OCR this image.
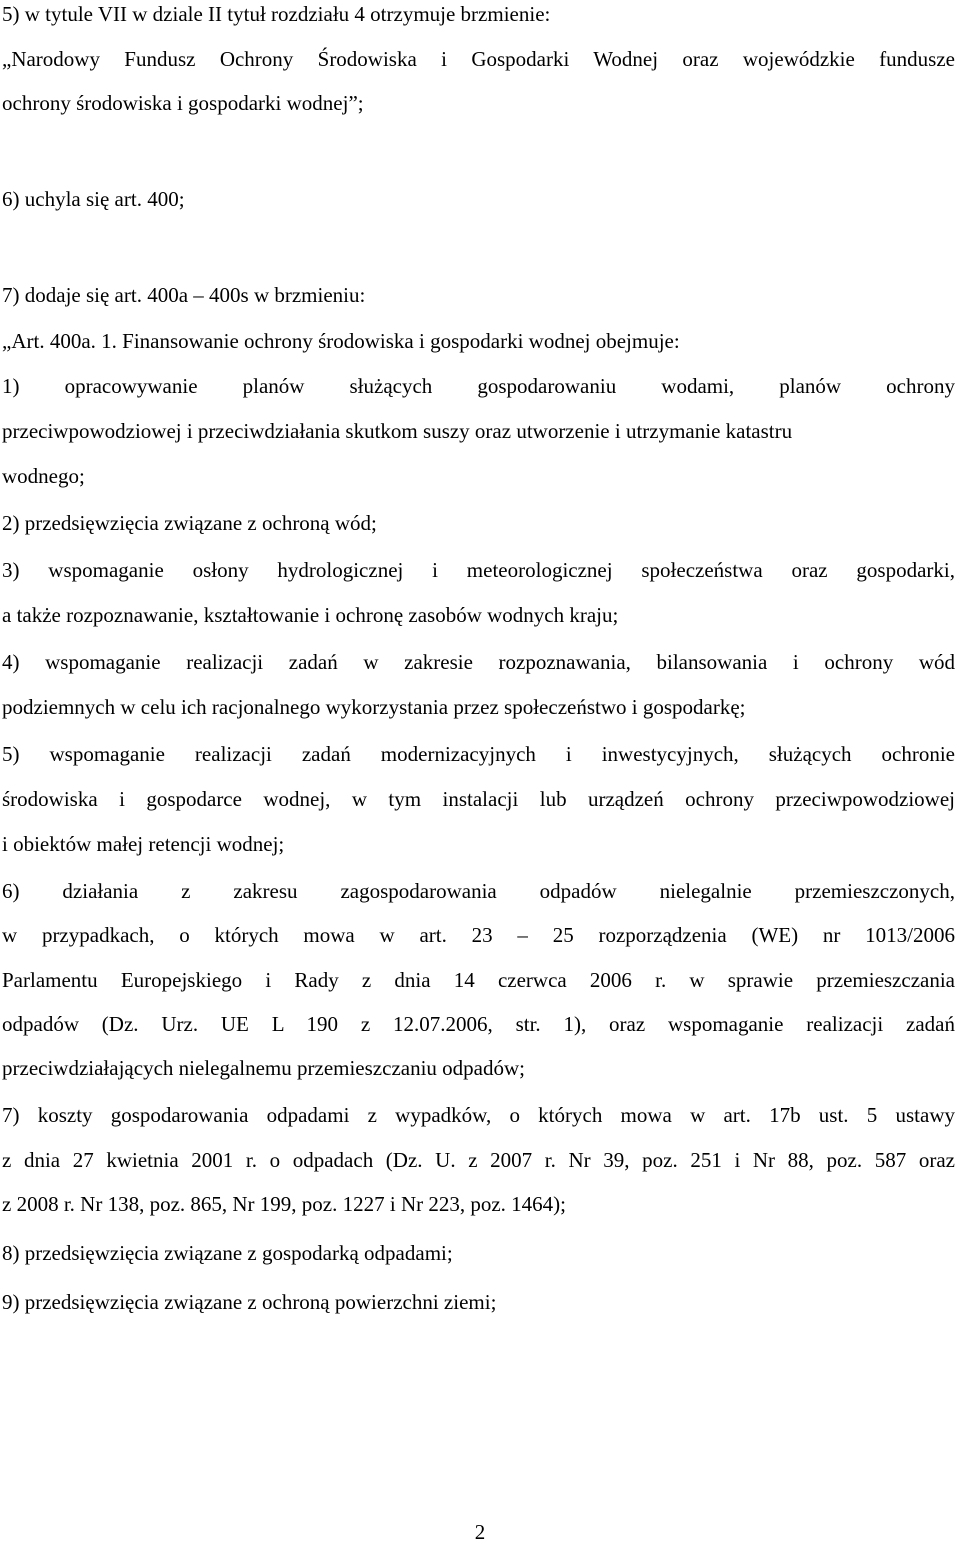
5) w tytule VII w dziale II tytuł rozdziału 4 otrzymuje brzmienie:
„Narodowy Fundusz Ochrony Środowiska i Gospodarki Wodnej oraz wojewódzkie fundusze
ochrony środowiska i gospodarki wodnej”;
6) uchyla się art. 400;
7) dodaje się art. 400a – 400s w brzmieniu:
„Art. 400a. 1. Finansowanie ochrony środowiska i gospodarki wodnej obejmuje:
1) opracowywanie planów służących gospodarowaniu wodami, planów ochrony
przeciwpowodziowej i przeciwdziałania skutkom suszy oraz utworzenie i utrzymanie katastru
wodnego;
2) przedsięwzięcia związane z ochroną wód;
3) wspomaganie osłony hydrologicznej i meteorologicznej społeczeństwa oraz gospodarki,
a także rozpoznawanie, kształtowanie i ochronę zasobów wodnych kraju;
4) wspomaganie realizacji zadań w zakresie rozpoznawania, bilansowania i ochrony wód
podziemnych w celu ich racjonalnego wykorzystania przez społeczeństwo i gospodarkę;
5) wspomaganie realizacji zadań modernizacyjnych i inwestycyjnych, służących ochronie
środowiska i gospodarce wodnej, w tym instalacji lub urządzeń ochrony przeciwpowodziowej
i obiektów małej retencji wodnej;
6) działania z zakresu zagospodarowania odpadów nielegalnie przemieszczonych,
w przypadkach, o których mowa w art. 23 – 25 rozporządzenia (WE) nr 1013/2006
Parlamentu Europejskiego i Rady z dnia 14 czerwca 2006 r. w sprawie przemieszczania
odpadów (Dz. Urz. UE L 190 z 12.07.2006, str. 1), oraz wspomaganie realizacji zadań
przeciwdziałających nielegalnemu przemieszczaniu odpadów;
7) koszty gospodarowania odpadami z wypadków, o których mowa w art. 17b ust. 5 ustawy
z dnia 27 kwietnia 2001 r. o odpadach (Dz. U. z 2007 r. Nr 39, poz. 251 i Nr 88, poz. 587 oraz
z 2008 r. Nr 138, poz. 865, Nr 199, poz. 1227 i Nr 223, poz. 1464);
8) przedsięwzięcia związane z gospodarką odpadami;
9) przedsięwzięcia związane z ochroną powierzchni ziemi;
2
